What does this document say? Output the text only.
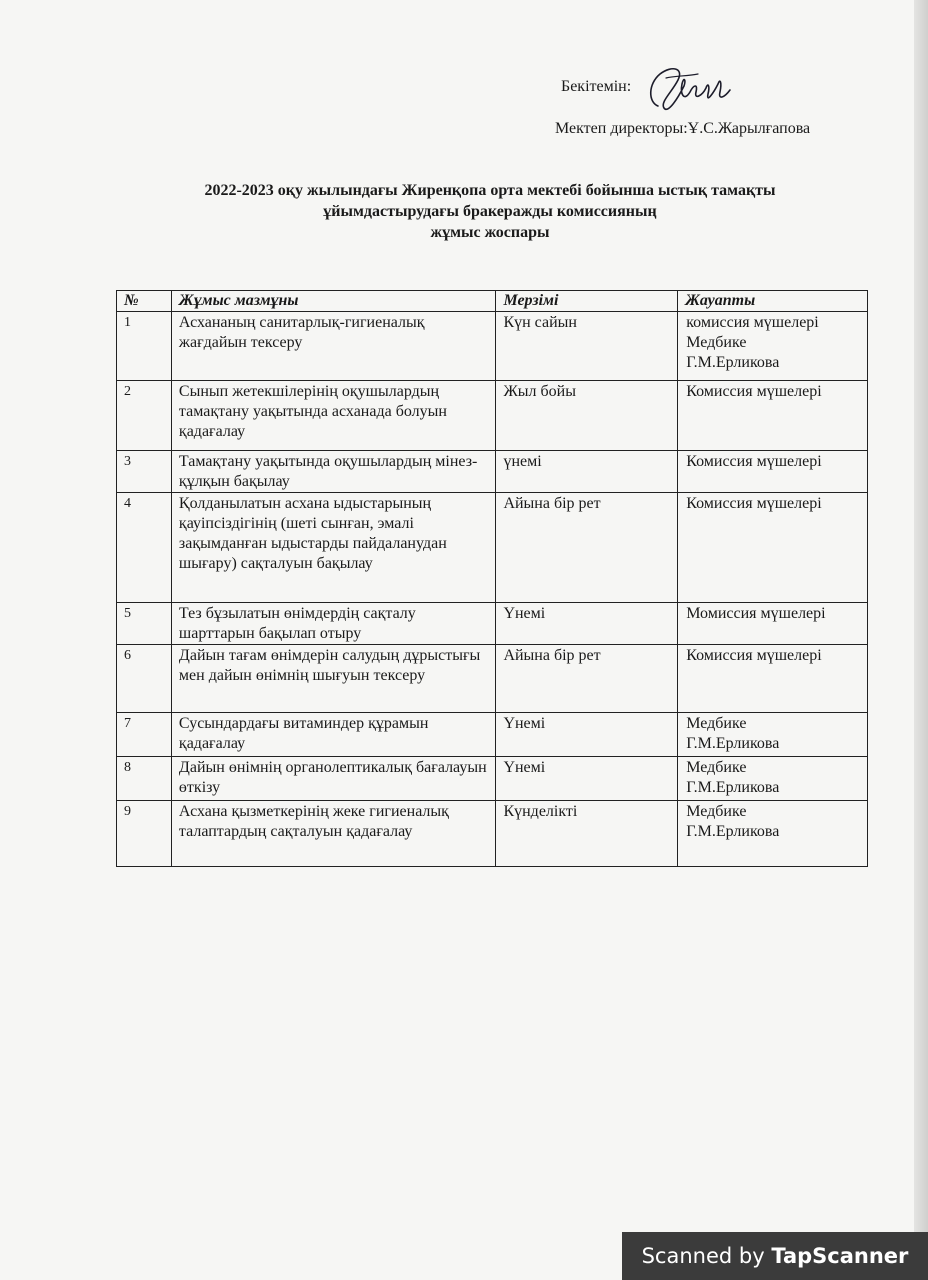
Бекітемін:
Мектеп директоры:Ұ.С.Жарылғапова
2022-2023 оқу жылындағы Жиренқопа орта мектебі бойынша ыстық тамақты
ұйымдастырудағы бракеражды комиссияның
жұмыс жоспары
№	Жұмыс мазмұны	Мерзімі	Жауапты
1	Асхананың санитарлық-гигиеналық жағдайын тексеру	Күн сайын	комиссия мүшелері
Медбике
Г.М.Ерликова

2	Сынып жетекшілерінің оқушылардың тамақтану уақытында асханада болуын қадағалау	Жыл бойы	Комиссия мүшелері

3	Тамақтану уақытында оқушылардың мінез-құлқын бақылау	үнемі	Комиссия мүшелері

4	Қолданылатын асхана ыдыстарының қауіпсіздігінің (шеті сынған, эмалі зақымданған ыдыстарды пайдаланудан шығару) сақталуын бақылау	Айына бір рет	Комиссия мүшелері

5	Тез бұзылатын өнімдердің сақталу шарттарын бақылап отыру	Үнемі	Момиссия мүшелері

6	Дайын тағам өнімдерін салудың дұрыстығы мен дайын өнімнің шығуын тексеру	Айына бір рет	Комиссия мүшелері

7	Сусындардағы витаминдер құрамын қадағалау	Үнемі	Медбике
Г.М.Ерликова

8	Дайын өнімнің органолептикалық бағалауын өткізу	Үнемі	Медбике
Г.М.Ерликова

9	Асхана қызметкерінің жеке гигиеналық талаптардың сақталуын қадағалау	Күнделікті	Медбике
Г.М.Ерликова
Scanned by TapScanner
